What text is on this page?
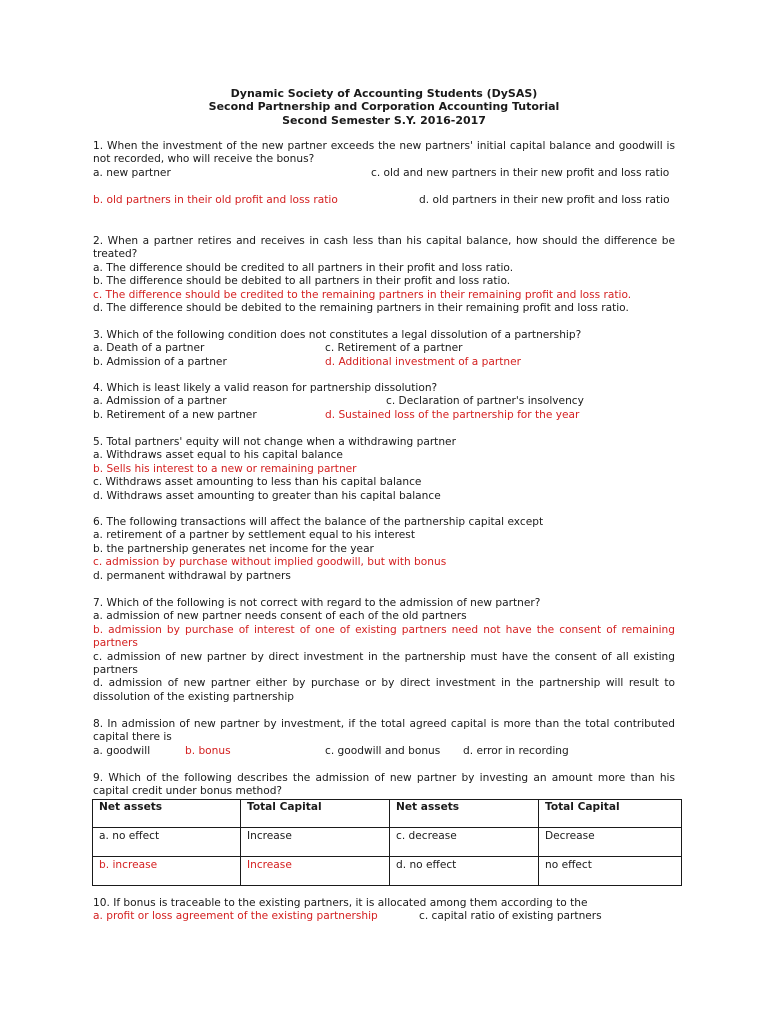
Dynamic Society of Accounting Students (DySAS)
Second Partnership and Corporation Accounting Tutorial
Second Semester S.Y. 2016-2017
1. When the investment of the new partner exceeds the new partners' initial capital balance and goodwill is not recorded, who will receive the bonus?
a. new partner	c. old and new partners in their new profit and loss ratio
b. old partners in their old profit and loss ratio	d. old partners in their new profit and loss ratio
2. When a partner retires and receives in cash less than his capital balance, how should the difference be treated?
a. The difference should be credited to all partners in their profit and loss ratio.
b. The difference should be debited to all partners in their profit and loss ratio.
c. The difference should be credited to the remaining partners in their remaining profit and loss ratio.
d. The difference should be debited to the remaining partners in their remaining profit and loss ratio.
3. Which of the following condition does not constitutes a legal dissolution of a partnership?
a. Death of a partner	c. Retirement of a partner
b. Admission of a partner	d. Additional investment of a partner
4. Which is least likely a valid reason for partnership dissolution?
a. Admission of a partner	c. Declaration of partner's insolvency
b. Retirement of a new partner	d. Sustained loss of the partnership for the year
5. Total partners' equity will not change when a withdrawing partner
a. Withdraws asset equal to his capital balance
b. Sells his interest to a new or remaining partner
c. Withdraws asset amounting to less than his capital balance
d. Withdraws asset amounting to greater than his capital balance
6. The following transactions will affect the balance of the partnership capital except
a. retirement of a partner by settlement equal to his interest
b. the partnership generates net income for the year
c. admission by purchase without implied goodwill, but with bonus
d. permanent withdrawal by partners
7. Which of the following is not correct with regard to the admission of new partner?
a. admission of new partner needs consent of each of the old partners
b. admission by purchase of interest of one of existing partners need not have the consent of remaining partners
c. admission of new partner by direct investment in the partnership must have the consent of all existing partners
d. admission of new partner either by purchase or by direct investment in the partnership will result to dissolution of the existing partnership
8. In admission of new partner by investment, if the total agreed capital is more than the total contributed capital there is
a. goodwill	b. bonus	c. goodwill and bonus d. error in recording
9. Which of the following describes the admission of new partner by investing an amount more than his capital credit under bonus method?
Net assets	Total Capital	Net assets	Total Capital
a. no effect	Increase	c. decrease	Decrease
b. increase	Increase	d. no effect	no effect
10. If bonus is traceable to the existing partners, it is allocated among them according to the
a. profit or loss agreement of the existing partnership	c. capital ratio of existing partners
